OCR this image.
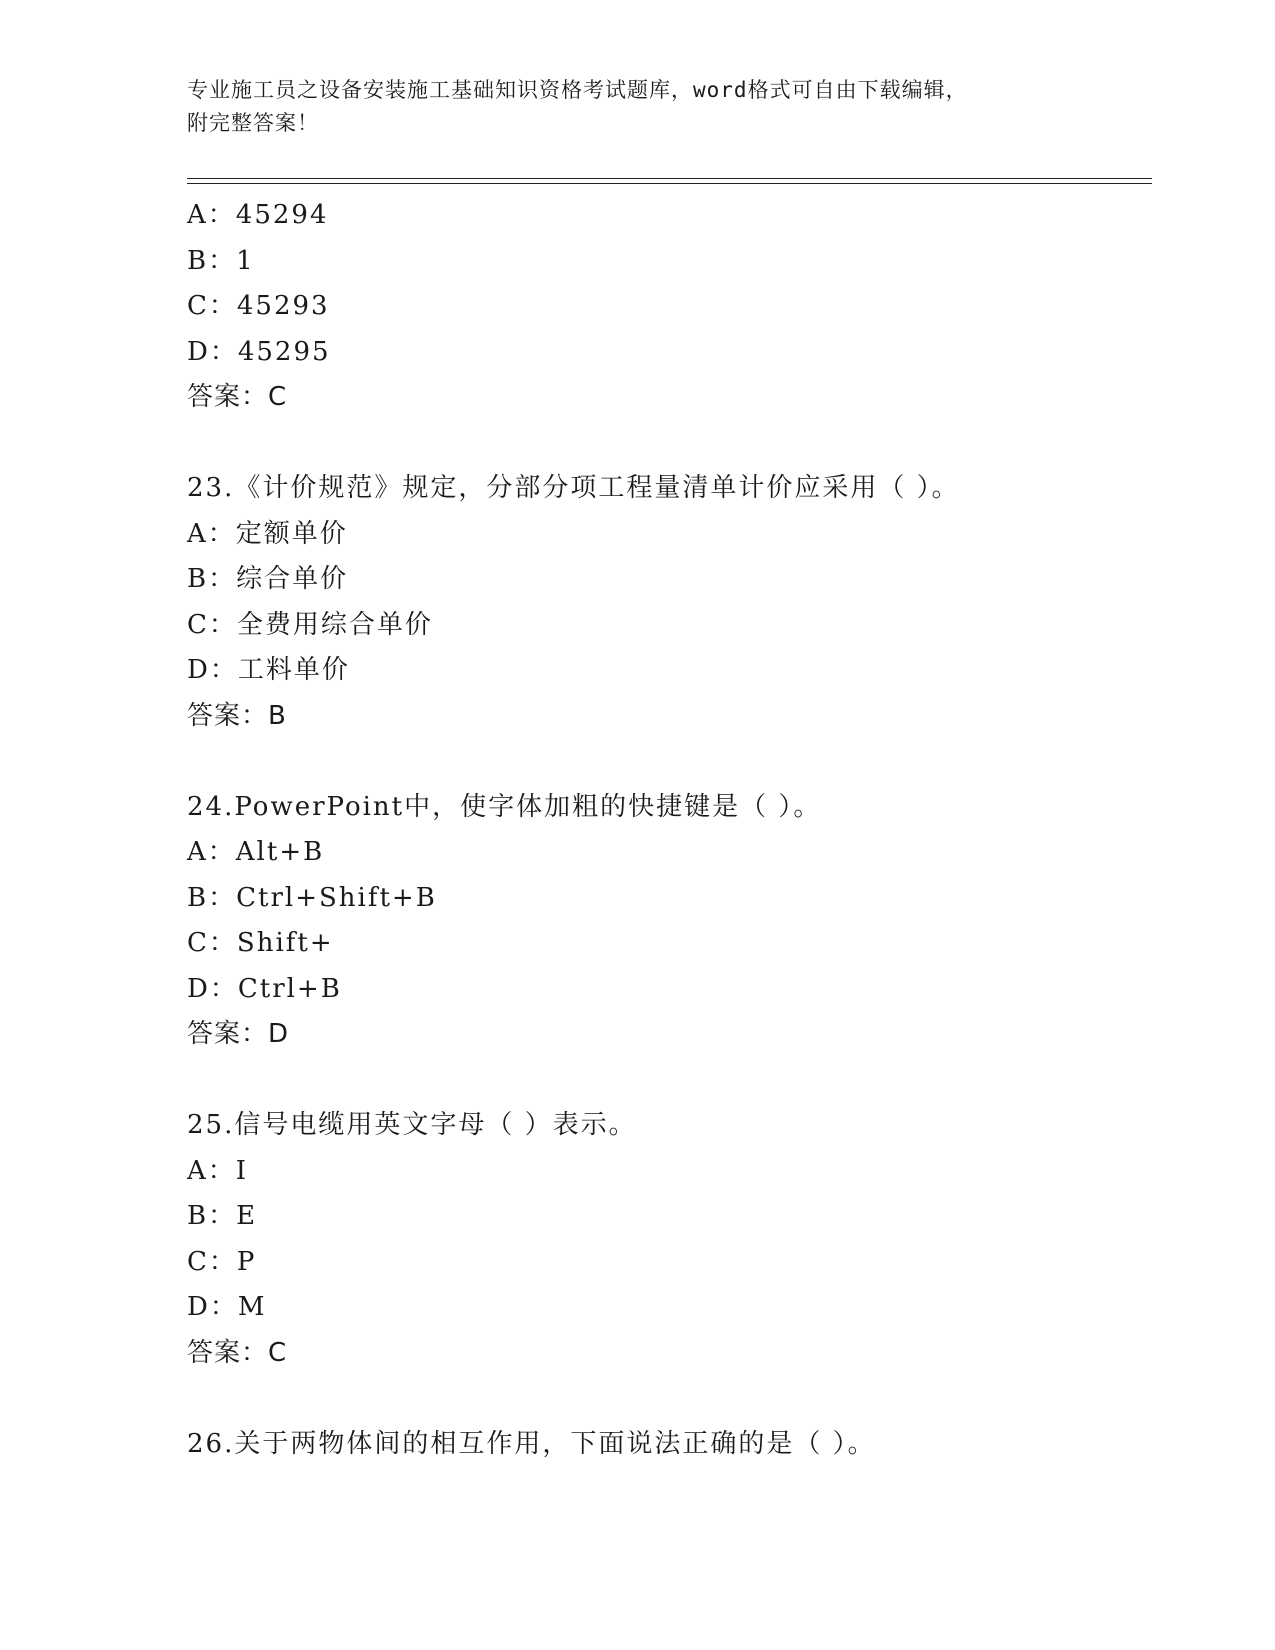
专业施工员之设备安装施工基础知识资格考试题库，word格式可自由下载编辑，
附完整答案！
A：45294
B：1
C：45293
D：45295
答案：C
23.《计价规范》规定，分部分项工程量清单计价应采用（ ）。
A：定额单价
B：综合单价
C：全费用综合单价
D：工料单价
答案：B
24.PowerPoint中，使字体加粗的快捷键是（ ）。
A：Alt+B
B：Ctrl+Shift+B
C：Shift+
D：Ctrl+B
答案：D
25.信号电缆用英文字母（ ）表示。
A：I
B：E
C：P
D：M
答案：C
26.关于两物体间的相互作用，下面说法正确的是（ ）。
